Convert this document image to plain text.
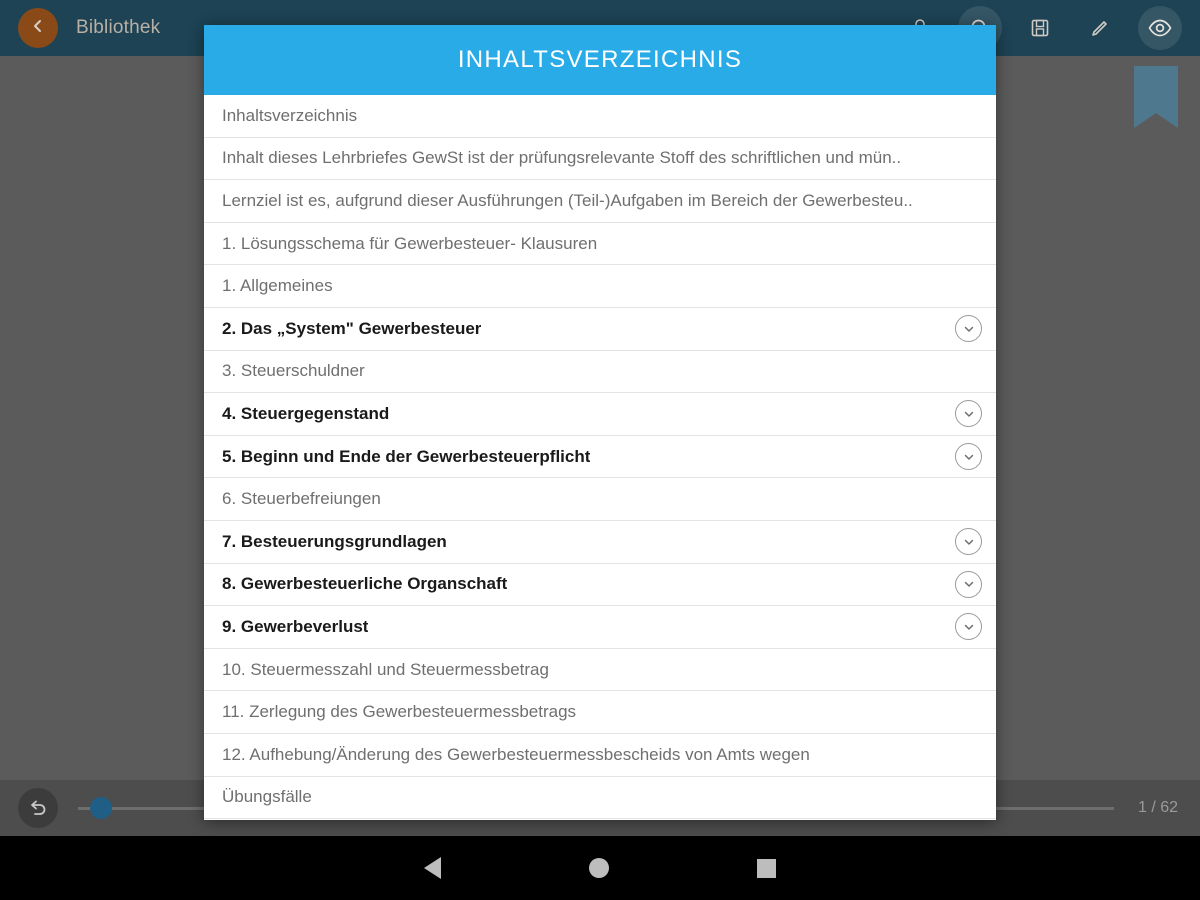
Bibliothek
1 / 62
INHALTSVERZEICHNIS
Inhaltsverzeichnis
Inhalt dieses Lehrbriefes GewSt ist der prüfungsrelevante Stoff des schriftlichen und mün..
Lernziel ist es, aufgrund dieser Ausführungen (Teil-)Aufgaben im Bereich der Gewerbesteu..
1. Lösungsschema für Gewerbesteuer- Klausuren
1. Allgemeines
2. Das „System" Gewerbesteuer
3. Steuerschuldner
4. Steuergegenstand
5. Beginn und Ende der Gewerbesteuerpflicht
6. Steuerbefreiungen
7. Besteuerungsgrundlagen
8. Gewerbesteuerliche Organschaft
9. Gewerbeverlust
10. Steuermesszahl und Steuermessbetrag
11. Zerlegung des Gewerbesteuermessbetrags
12. Aufhebung/Änderung des Gewerbesteuermessbescheids von Amts wegen
Übungsfälle
